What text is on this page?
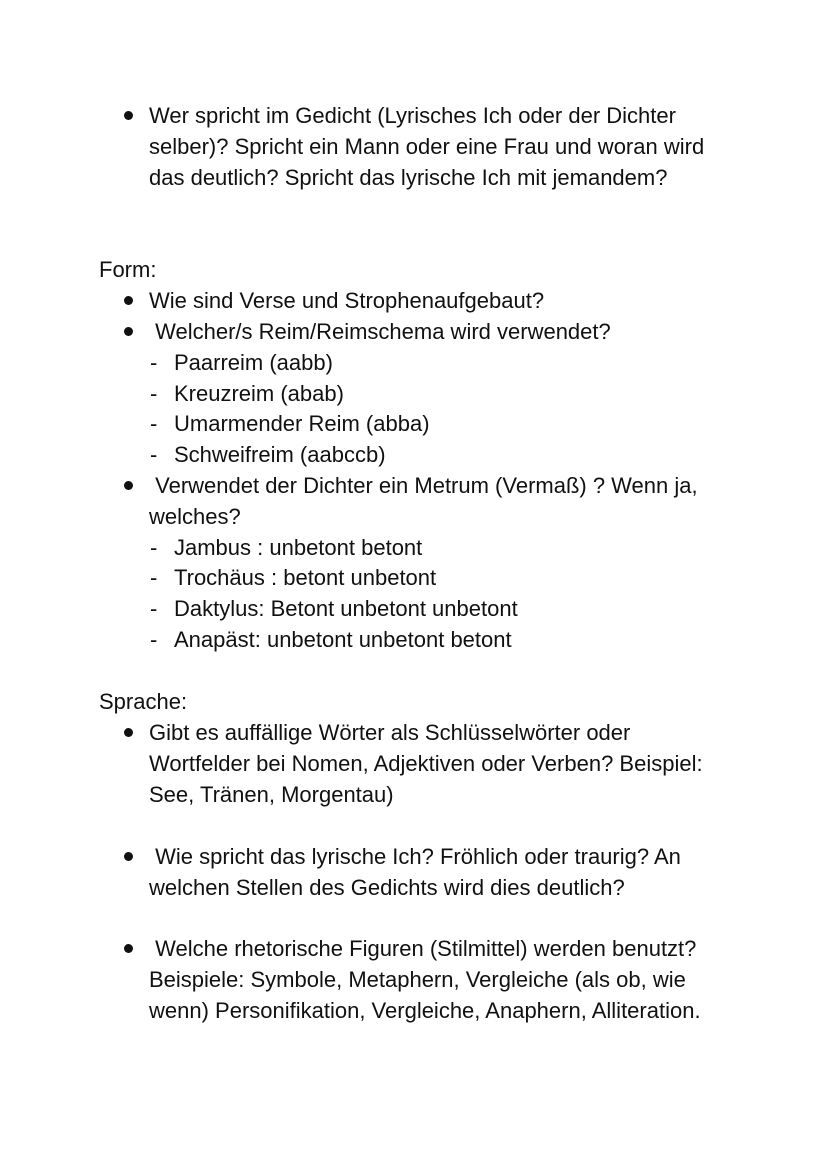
Wer spricht im Gedicht (Lyrisches Ich oder der Dichter selber)? Spricht ein Mann oder eine Frau und woran wird das deutlich? Spricht das lyrische Ich mit jemandem?
Form:
Wie sind Verse und Strophenaufgebaut?
Welcher/s Reim/Reimschema wird verwendet?
- Paarreim (aabb)
- Kreuzreim (abab)
- Umarmender Reim (abba)
- Schweifreim (aabccb)
Verwendet der Dichter ein Metrum (Vermaß) ? Wenn ja, welches?
- Jambus : unbetont betont
- Trochäus : betont unbetont
- Daktylus: Betont unbetont unbetont
- Anapäst: unbetont unbetont betont
Sprache:
Gibt es auffällige Wörter als Schlüsselwörter oder Wortfelder bei Nomen, Adjektiven oder Verben? Beispiel: See, Tränen, Morgentau)
Wie spricht das lyrische Ich? Fröhlich oder traurig? An welchen Stellen des Gedichts wird dies deutlich?
Welche rhetorische Figuren (Stilmittel) werden benutzt? Beispiele: Symbole, Metaphern, Vergleiche (als ob, wie wenn) Personifikation, Vergleiche, Anaphern, Alliteration.
